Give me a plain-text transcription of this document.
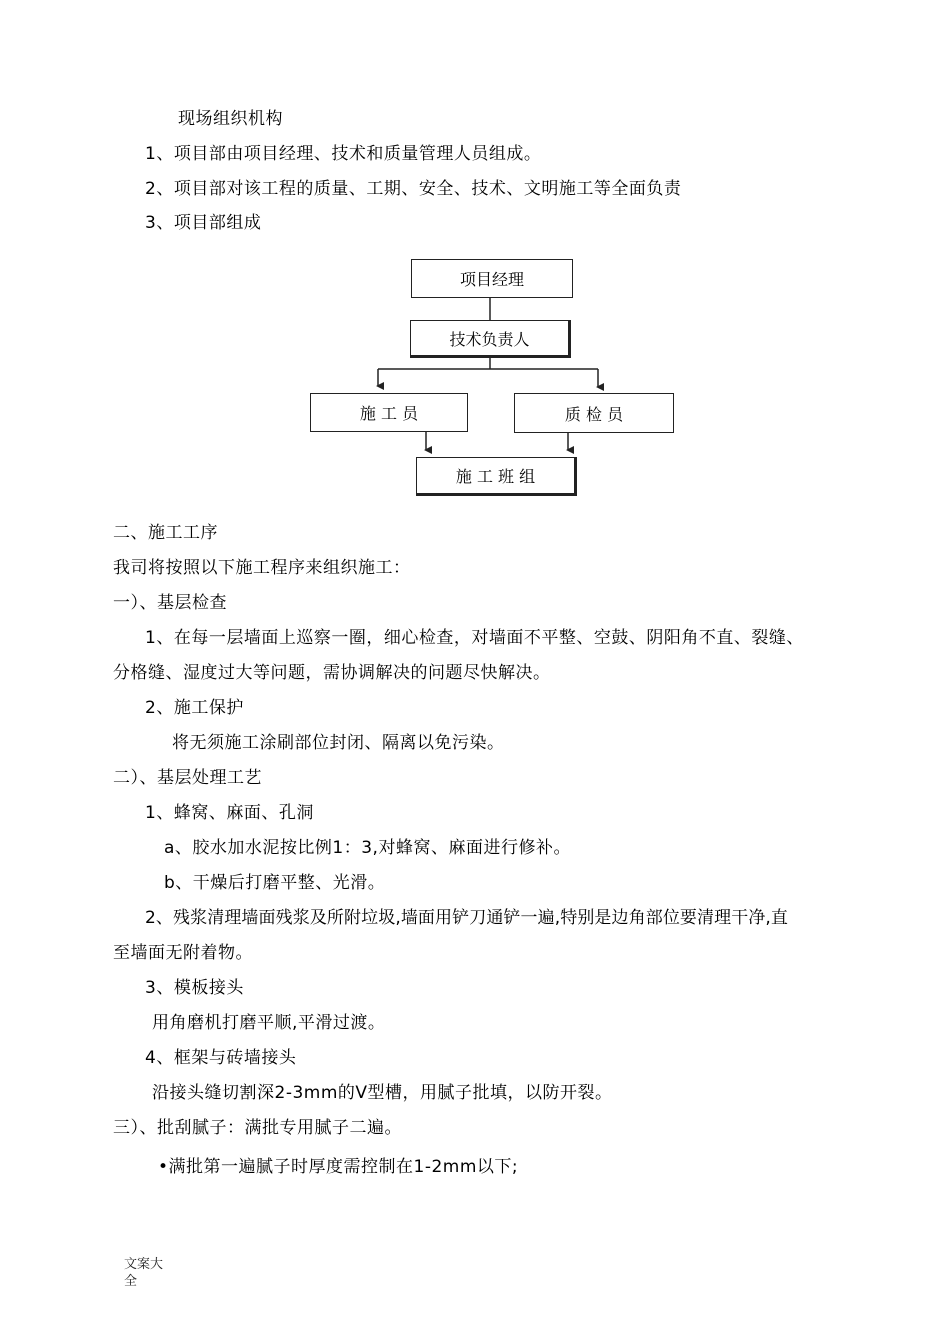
现场组织机构
1、项目部由项目经理、技术和质量管理人员组成。
2、项目部对该工程的质量、工期、安全、技术、文明施工等全面负责
3、项目部组成
项目经理
技术负责人
施 工 员	质 检 员
施 工 班 组
二、施工工序
我司将按照以下施工程序来组织施工：
一）、基层检查
1、在每一层墙面上巡察一圈，细心检查，对墙面不平整、空鼓、阴阳角不直、裂缝、
分格缝、湿度过大等问题，需协调解决的问题尽快解决。
2、施工保护
将无须施工涂刷部位封闭、隔离以免污染。
二）、基层处理工艺
1、蜂窝、麻面、孔洞
a、胶水加水泥按比例1：3,对蜂窝、麻面进行修补。
b、干燥后打磨平整、光滑。
2、残浆清理墙面残浆及所附垃圾,墙面用铲刀通铲一遍,特别是边角部位要清理干净,直
至墙面无附着物。
3、模板接头
用角磨机打磨平顺,平滑过渡。
4、框架与砖墙接头
沿接头缝切割深2-3mm的V型槽，用腻子批填，以防开裂。
三）、批刮腻子：满批专用腻子二遍。
•满批第一遍腻子时厚度需控制在1-2mm以下;
文案大全
